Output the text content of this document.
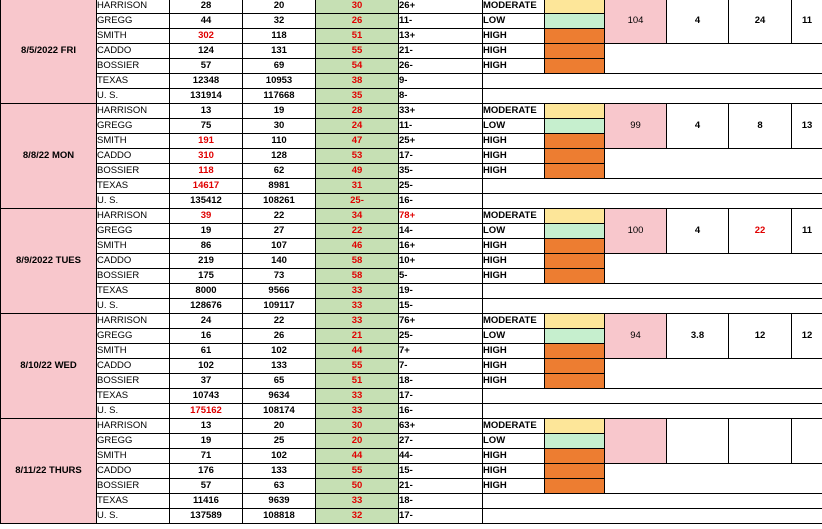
8/5/2022 FRI	HARRISON	28	20	30	26+	MODERATE		104	4	24	11	
	GREGG	44	32	26	11-	LOW						
	SMITH	302	118	51	13+	HIGH						
	CADDO	124	131	55	21-	HIGH						
	BOSSIER	57	69	54	26-	HIGH						
	TEXAS	12348	10953	38	9-							
	U. S.	131914	117668	35	8-							
8/8/22 MON	HARRISON	13	19	28	33+	MODERATE		99	4	8	13	
	GREGG	75	30	24	11-	LOW						
	SMITH	191	110	47	25+	HIGH						
	CADDO	310	128	53	17-	HIGH						
	BOSSIER	118	62	49	35-	HIGH						
	TEXAS	14617	8981	31	25-							
	U. S.	135412	108261	25-	16-							
8/9/2022 TUES	HARRISON	39	22	34	78+	MODERATE		100	4	22	11	
	GREGG	19	27	22	14-	LOW						
	SMITH	86	107	46	16+	HIGH						
	CADDO	219	140	58	10+	HIGH						
	BOSSIER	175	73	58	5-	HIGH						
	TEXAS	8000	9566	33	19-							
	U. S.	128676	109117	33	15-							
8/10/22 WED	HARRISON	24	22	33	76+	MODERATE		94	3.8	12	12	
	GREGG	16	26	21	25-	LOW						
	SMITH	61	102	44	7+	HIGH						
	CADDO	102	133	55	7-	HIGH						
	BOSSIER	37	65	51	18-	HIGH						
	TEXAS	10743	9634	33	17-							
	U. S.	175162	108174	33	16-							
8/11/22 THURS	HARRISON	13	20	30	63+	MODERATE						
	GREGG	19	25	20	27-	LOW						
	SMITH	71	102	44	44-	HIGH						
	CADDO	176	133	55	15-	HIGH						
	BOSSIER	57	63	50	21-	HIGH						
	TEXAS	11416	9639	33	18-							
	U. S.	137589	108818	32	17-							
